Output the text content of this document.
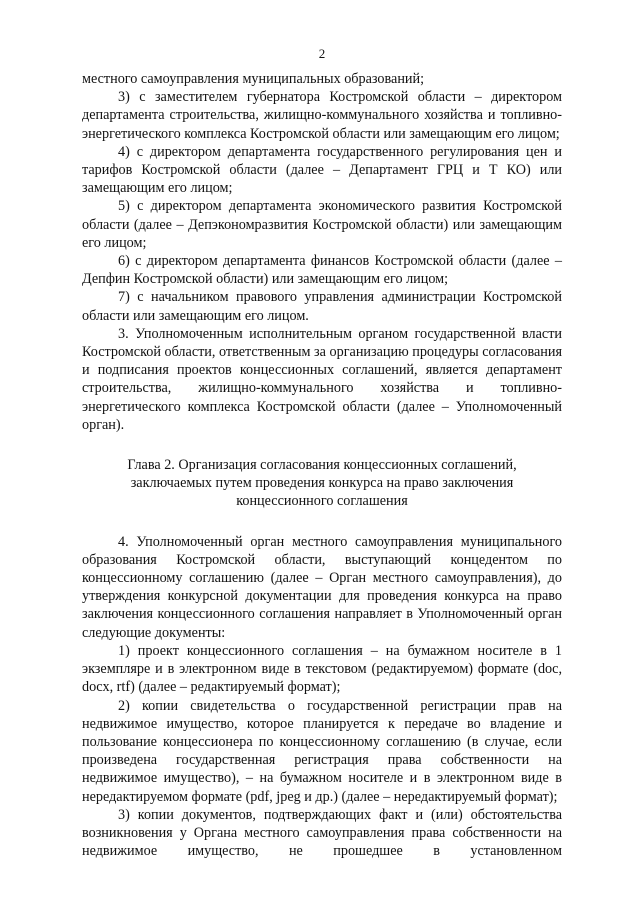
2

местного самоуправления муниципальных образований;

3) с заместителем губернатора Костромской области – директором департамента строительства, жилищно-коммунального хозяйства и топливно-энергетического комплекса Костромской области или замещающим его лицом;

4) с директором департамента государственного регулирования цен и тарифов Костромской области (далее – Департамент ГРЦ и Т КО) или замещающим его лицом;

5) с директором департамента экономического развития Костромской области (далее – Депэкономразвития Костромской области) или замещающим его лицом;

6) с директором департамента финансов Костромской области (далее – Депфин Костромской области) или замещающим его лицом;

7) с начальником правового управления администрации Костромской области или замещающим его лицом.

3. Уполномоченным исполнительным органом государственной власти Костромской области, ответственным за организацию процедуры согласования и подписания проектов концессионных соглашений, является департамент строительства, жилищно-коммунального хозяйства и топливно-энергетического комплекса Костромской области (далее – Уполномоченный орган).

Глава 2. Организация согласования концессионных соглашений,
заключаемых путем проведения конкурса на право заключения
концессионного соглашения

4. Уполномоченный орган местного самоуправления муниципального образования Костромской области, выступающий концедентом по концессионному соглашению (далее – Орган местного самоуправления), до утверждения конкурсной документации для проведения конкурса на право заключения концессионного соглашения направляет в Уполномоченный орган следующие документы:

1) проект концессионного соглашения – на бумажном носителе в 1 экземпляре и в электронном виде в текстовом (редактируемом) формате (doc, docx, rtf) (далее – редактируемый формат);

2) копии свидетельства о государственной регистрации прав на недвижимое имущество, которое планируется к передаче во владение и пользование концессионера по концессионному соглашению (в случае, если произведена государственная регистрация права собственности на недвижимое имущество), – на бумажном носителе и в электронном виде в нередактируемом формате (pdf, jpeg и др.) (далее – нередактируемый формат);

3) копии документов, подтверждающих факт и (или) обстоятельства возникновения у Органа местного самоуправления права собственности на недвижимое имущество, не прошедшее в установленном
